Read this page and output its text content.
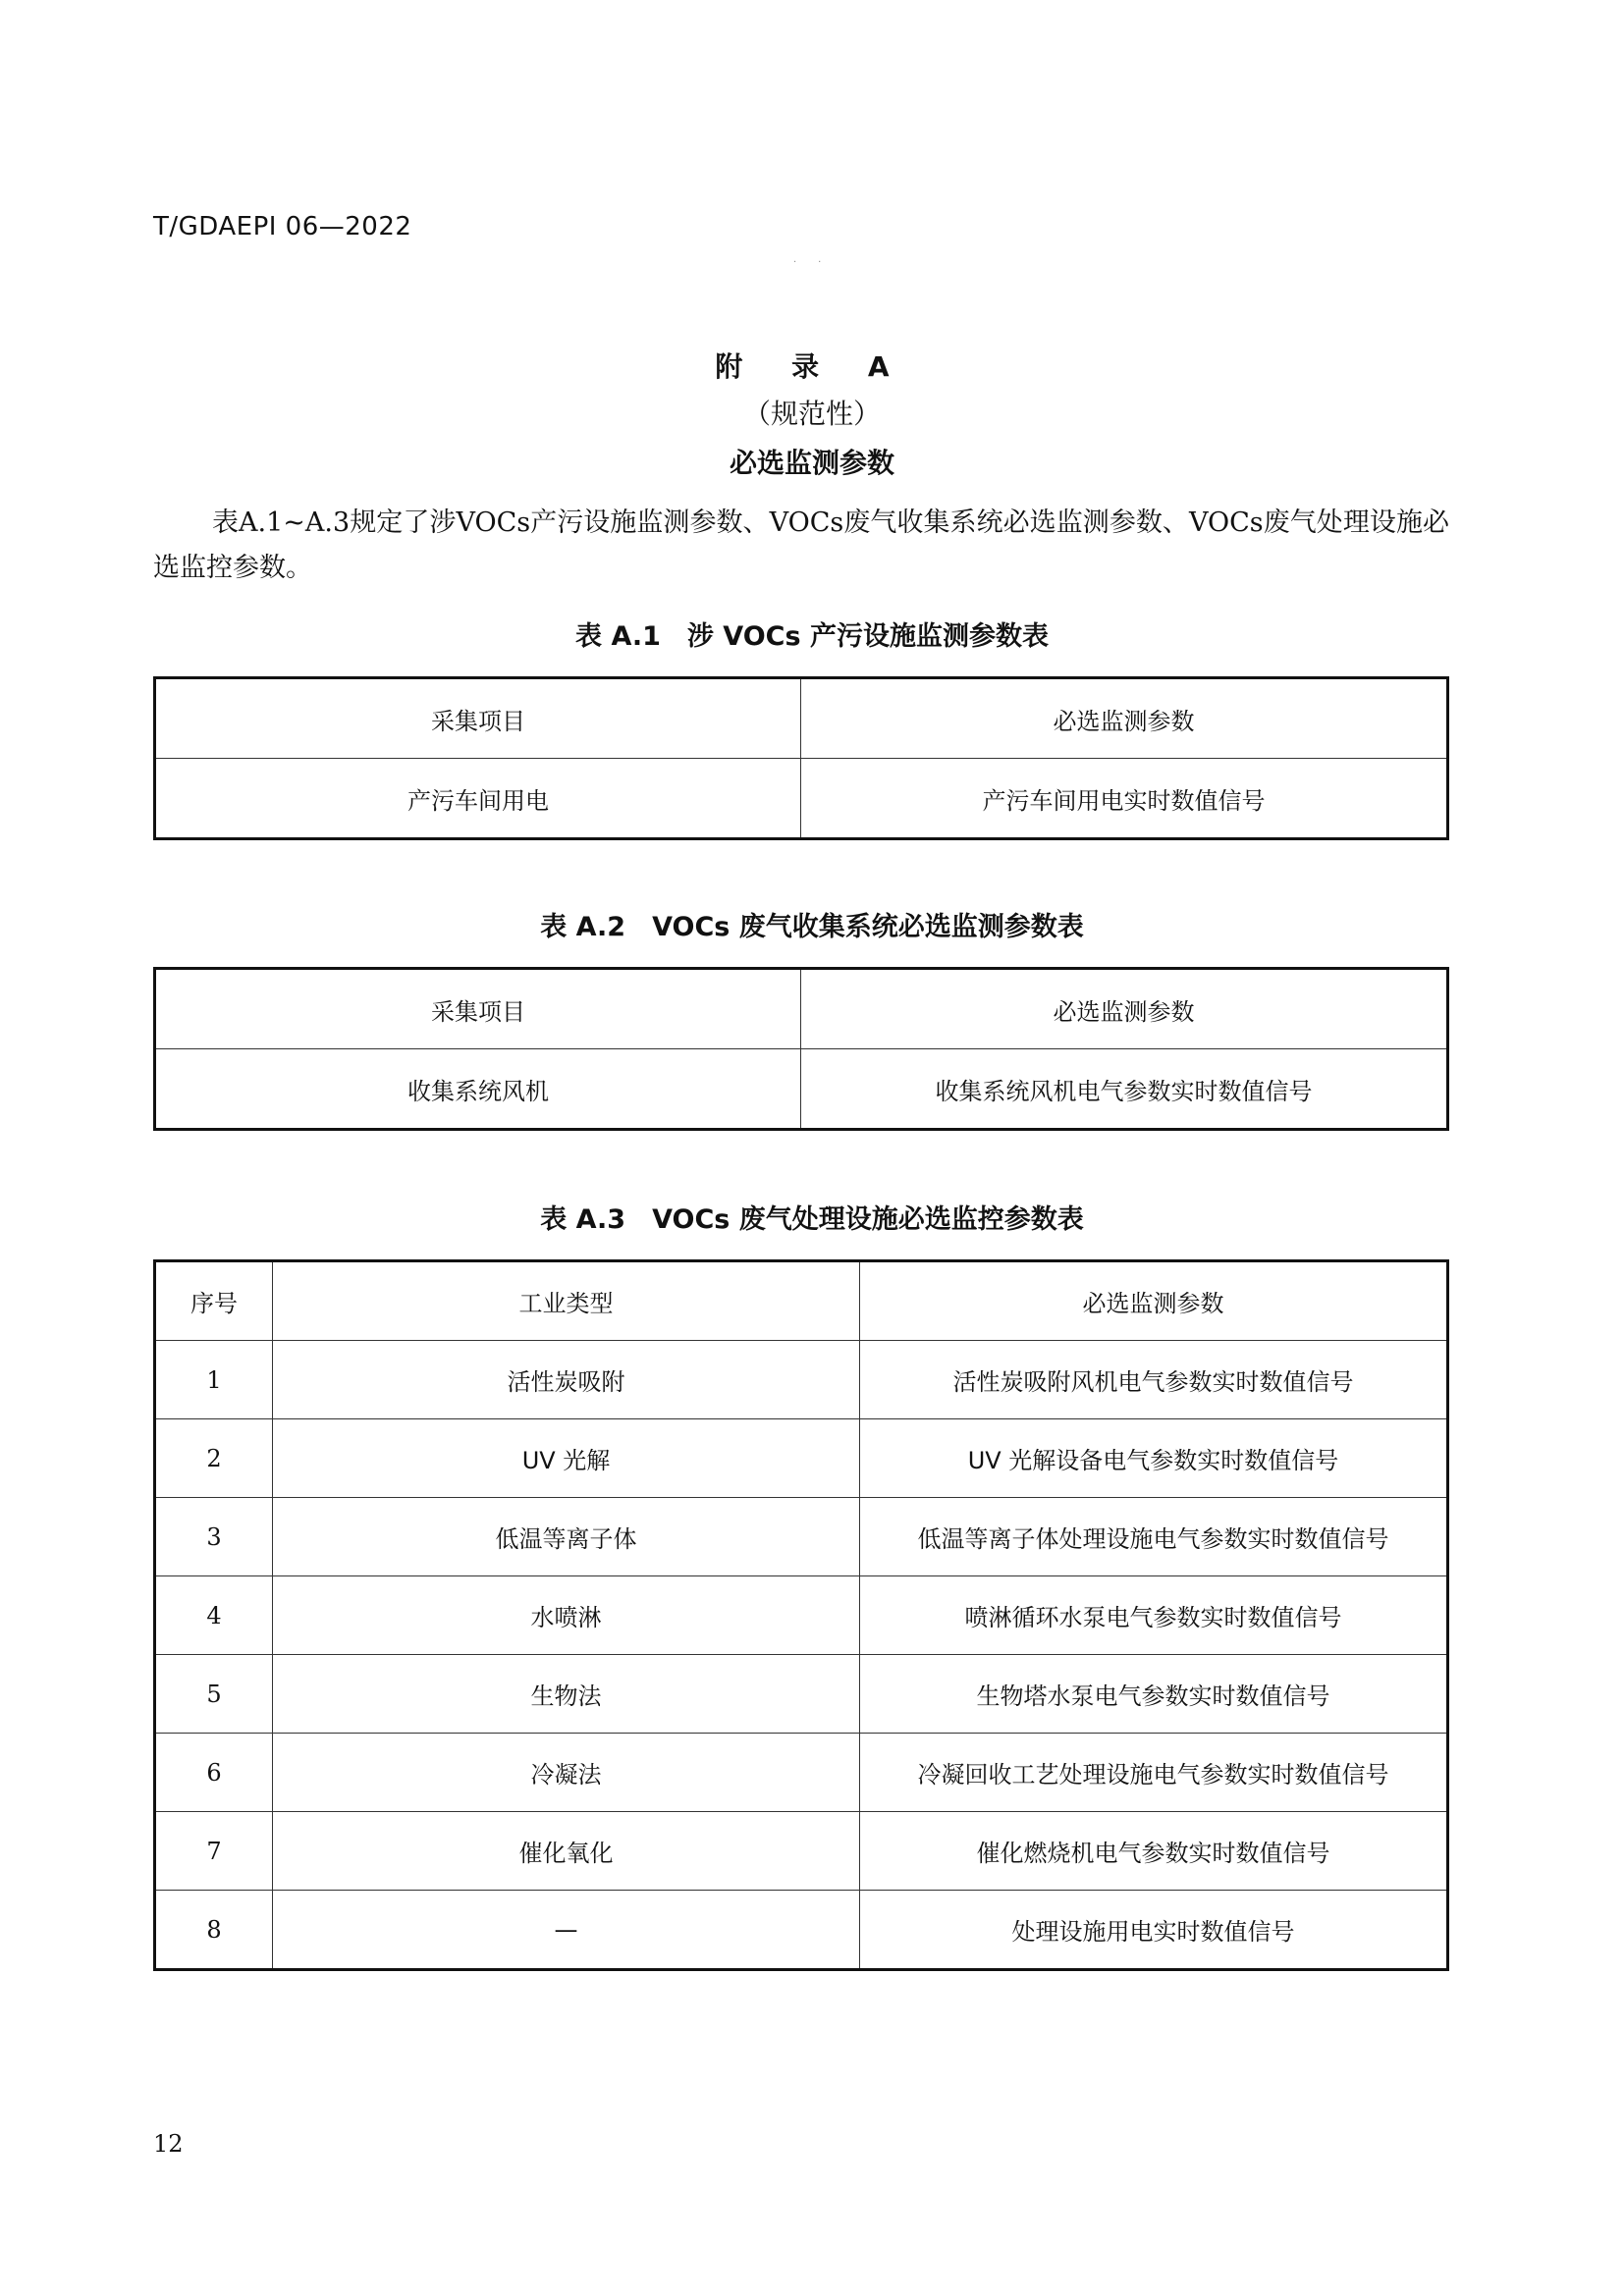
T/GDAEPI 06—2022
··
附 录 A
（规范性）
必选监测参数

表A.1~A.3规定了涉VOCs产污设施监测参数、VOCs废气收集系统必选监测参数、VOCs废气处理设施必选监控参数。

表 A.1　涉 VOCs 产污设施监测参数表
采集项目	必选监测参数
产污车间用电	产污车间用电实时数值信号
表 A.2　VOCs 废气收集系统必选监测参数表
采集项目	必选监测参数
收集系统风机	收集系统风机电气参数实时数值信号
表 A.3　VOCs 废气处理设施必选监控参数表
序号	工业类型	必选监测参数
1	活性炭吸附	活性炭吸附风机电气参数实时数值信号
2	UV 光解	UV 光解设备电气参数实时数值信号
3	低温等离子体	低温等离子体处理设施电气参数实时数值信号
4	水喷淋	喷淋循环水泵电气参数实时数值信号
5	生物法	生物塔水泵电气参数实时数值信号
6	冷凝法	冷凝回收工艺处理设施电气参数实时数值信号
7	催化氧化	催化燃烧机电气参数实时数值信号
8	—	处理设施用电实时数值信号
12
